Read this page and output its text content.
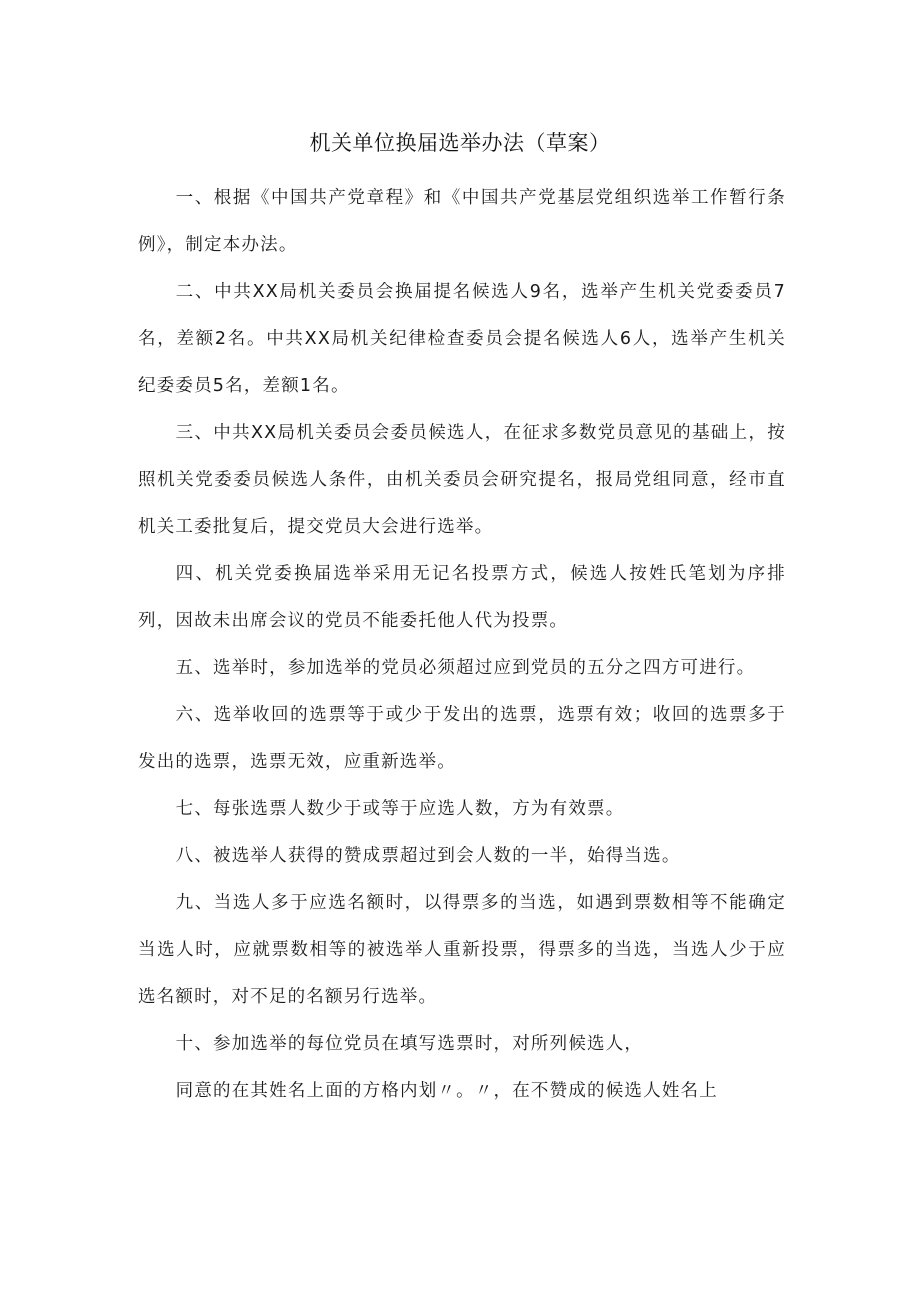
机关单位换届选举办法（草案）

一、根据《中国共产党章程》和《中国共产党基层党组织选举工作暂行条例》，制定本办法。

二、中共XX局机关委员会换届提名候选人9名，选举产生机关党委委员7名，差额2名。中共XX局机关纪律检查委员会提名候选人6人，选举产生机关纪委委员5名，差额1名。

三、中共XX局机关委员会委员候选人，在征求多数党员意见的基础上，按照机关党委委员候选人条件，由机关委员会研究提名，报局党组同意，经市直机关工委批复后，提交党员大会进行选举。

四、机关党委换届选举采用无记名投票方式，候选人按姓氏笔划为序排列，因故未出席会议的党员不能委托他人代为投票。

五、选举时，参加选举的党员必须超过应到党员的五分之四方可进行。

六、选举收回的选票等于或少于发出的选票，选票有效；收回的选票多于发出的选票，选票无效，应重新选举。

七、每张选票人数少于或等于应选人数，方为有效票。

八、被选举人获得的赞成票超过到会人数的一半，始得当选。

九、当选人多于应选名额时，以得票多的当选，如遇到票数相等不能确定当选人时，应就票数相等的被选举人重新投票，得票多的当选，当选人少于应选名额时，对不足的名额另行选举。

十、参加选举的每位党员在填写选票时，对所列候选人，

同意的在其姓名上面的方格内划〃。〃，在不赞成的候选人姓名上
